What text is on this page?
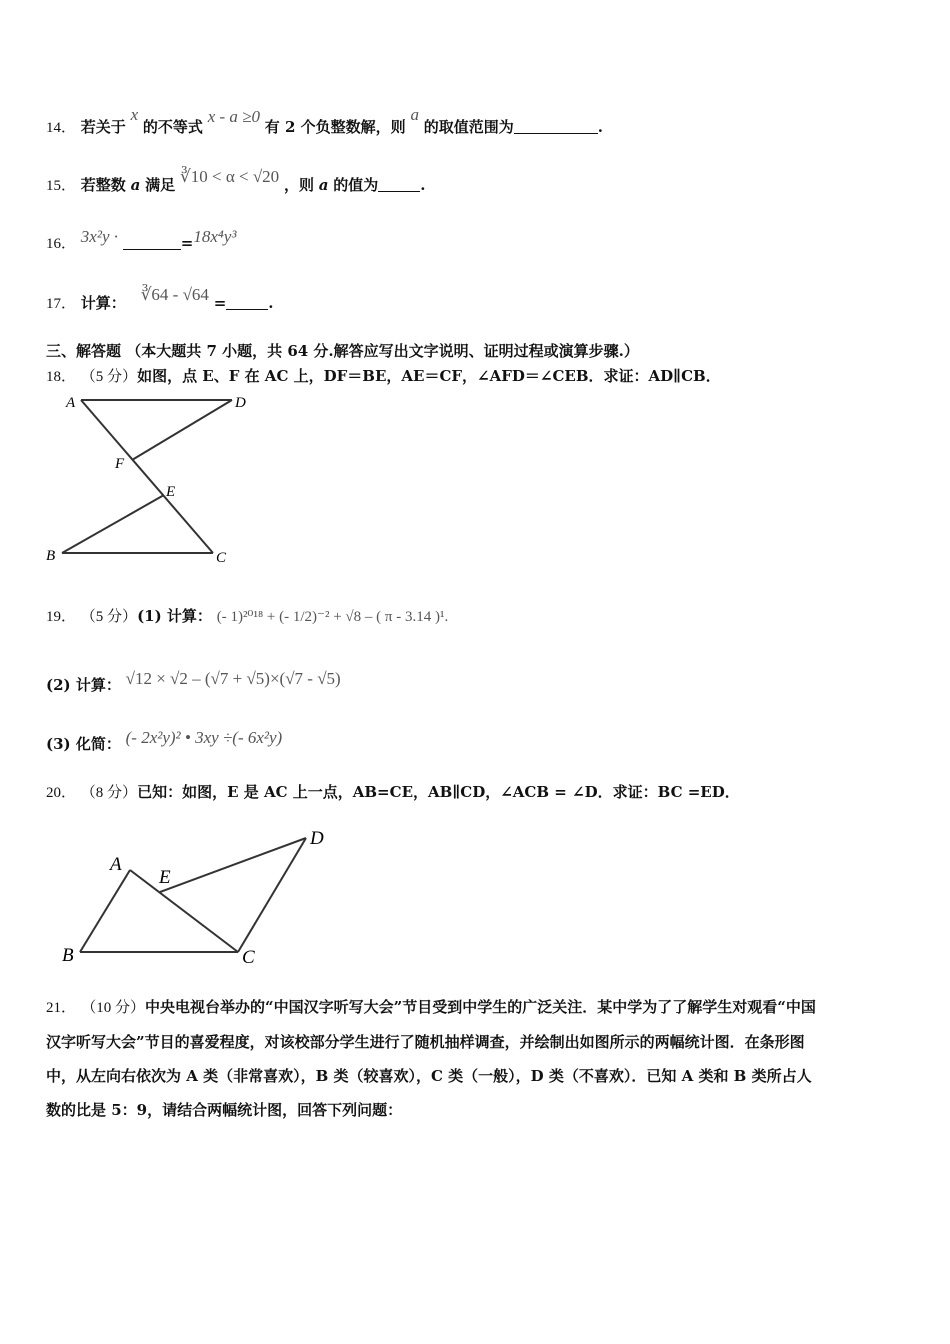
14． 若关于 x 的不等式 x - a ≥0 有 2 个负整数解，则 a 的取值范围为	.
15． 若整数 a 满足 ∛10 < α < √20 ，则 a 的值为	.
16． 3x²y ·	=18x⁴y³
17． 计算： ∛64 - √64 =	.
三、解答题 （本大题共 7 小题，共 64 分.解答应写出文字说明、证明过程或演算步骤.）
18． （5 分）如图，点 E、F 在 AC 上，DF＝BE，AE＝CF，∠AFD＝∠CEB．求证：AD∥CB．
A	D
F
E
B	C
19． （5 分）(1) 计算： (- 1)²⁰¹⁸ + (- 1/2)⁻² + √8 – ( π - 3.14 )¹.
(2) 计算： √12 × √2 – (√7 + √5)×(√7 - √5)
(3) 化简： (- 2x²y)² • 3xy ÷(- 6x²y)
20． （8 分）已知：如图，E 是 AC 上一点，AB=CE，AB∥CD，∠ACB = ∠D．求证：BC =ED．
A
E
D
B	C
21． （10 分）中央电视台举办的“中国汉字听写大会”节目受到中学生的广泛关注．某中学为了了解学生对观看“中国
汉字听写大会”节目的喜爱程度，对该校部分学生进行了随机抽样调查，并绘制出如图所示的两幅统计图．在条形图
中，从左向右依次为 A 类（非常喜欢），B 类（较喜欢），C 类（一般），D 类（不喜欢）．已知 A 类和 B 类所占人
数的比是 5：9，请结合两幅统计图，回答下列问题：
